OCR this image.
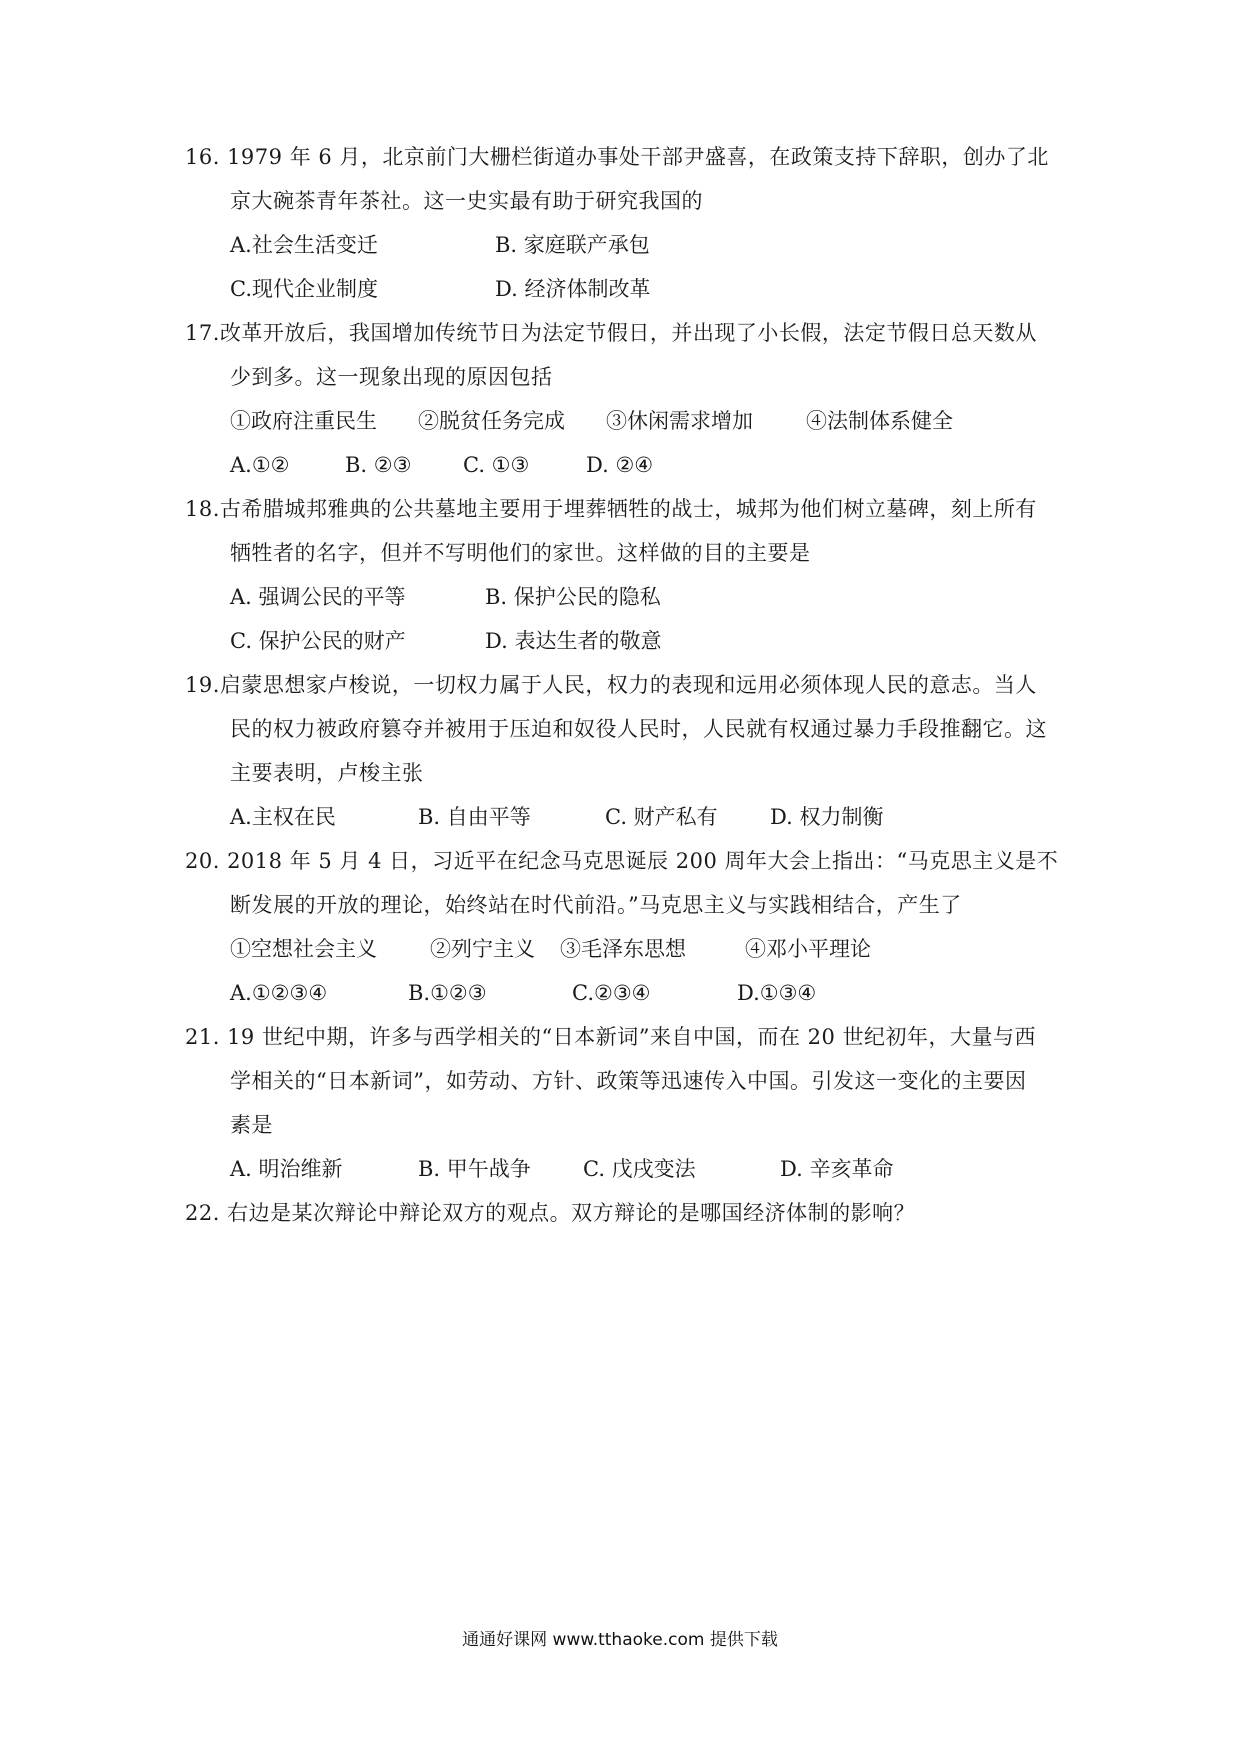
16. 1979 年 6 月，北京前门大栅栏街道办事处干部尹盛喜，在政策支持下辞职，创办了北
京大碗茶青年茶社。这一史实最有助于研究我国的
A.社会生活变迁	B. 家庭联产承包
C.现代企业制度	D. 经济体制改革
17.改革开放后，我国增加传统节日为法定节假日，并出现了小长假，法定节假日总天数从
少到多。这一现象出现的原因包括
①政府注重民生 ②脱贫任务完成 ③休闲需求增加	④法制体系健全
A.①②	B. ②③ C. ①③	D. ②④
18.古希腊城邦雅典的公共墓地主要用于埋葬牺牲的战士，城邦为他们树立墓碑，刻上所有
牺牲者的名字，但并不写明他们的家世。这样做的目的主要是
A. 强调公民的平等	B. 保护公民的隐私
C. 保护公民的财产	D. 表达生者的敬意
19.启蒙思想家卢梭说，一切权力属于人民，权力的表现和远用必须体现人民的意志。当人
民的权力被政府篡夺并被用于压迫和奴役人民时，人民就有权通过暴力手段推翻它。这
主要表明，卢梭主张
A.主权在民	B. 自由平等	C. 财产私有 D. 权力制衡
20. 2018 年 5 月 4 日，习近平在纪念马克思诞辰 200 周年大会上指出：“马克思主义是不
断发展的开放的理论，始终站在时代前沿。”马克思主义与实践相结合，产生了
①空想社会主义	②列宁主义 ③毛泽东思想	④邓小平理论
A.①②③④	B.①②③	C.②③④	D.①③④
21. 19 世纪中期，许多与西学相关的“日本新词”来自中国，而在 20 世纪初年，大量与西
学相关的“日本新词”，如劳动、方针、政策等迅速传入中国。引发这一变化的主要因
素是
A. 明治维新	B. 甲午战争 C. 戊戌变法	D. 辛亥革命
22. 右边是某次辩论中辩论双方的观点。双方辩论的是哪国经济体制的影响？
通通好课网 www.tthaoke.com 提供下载
